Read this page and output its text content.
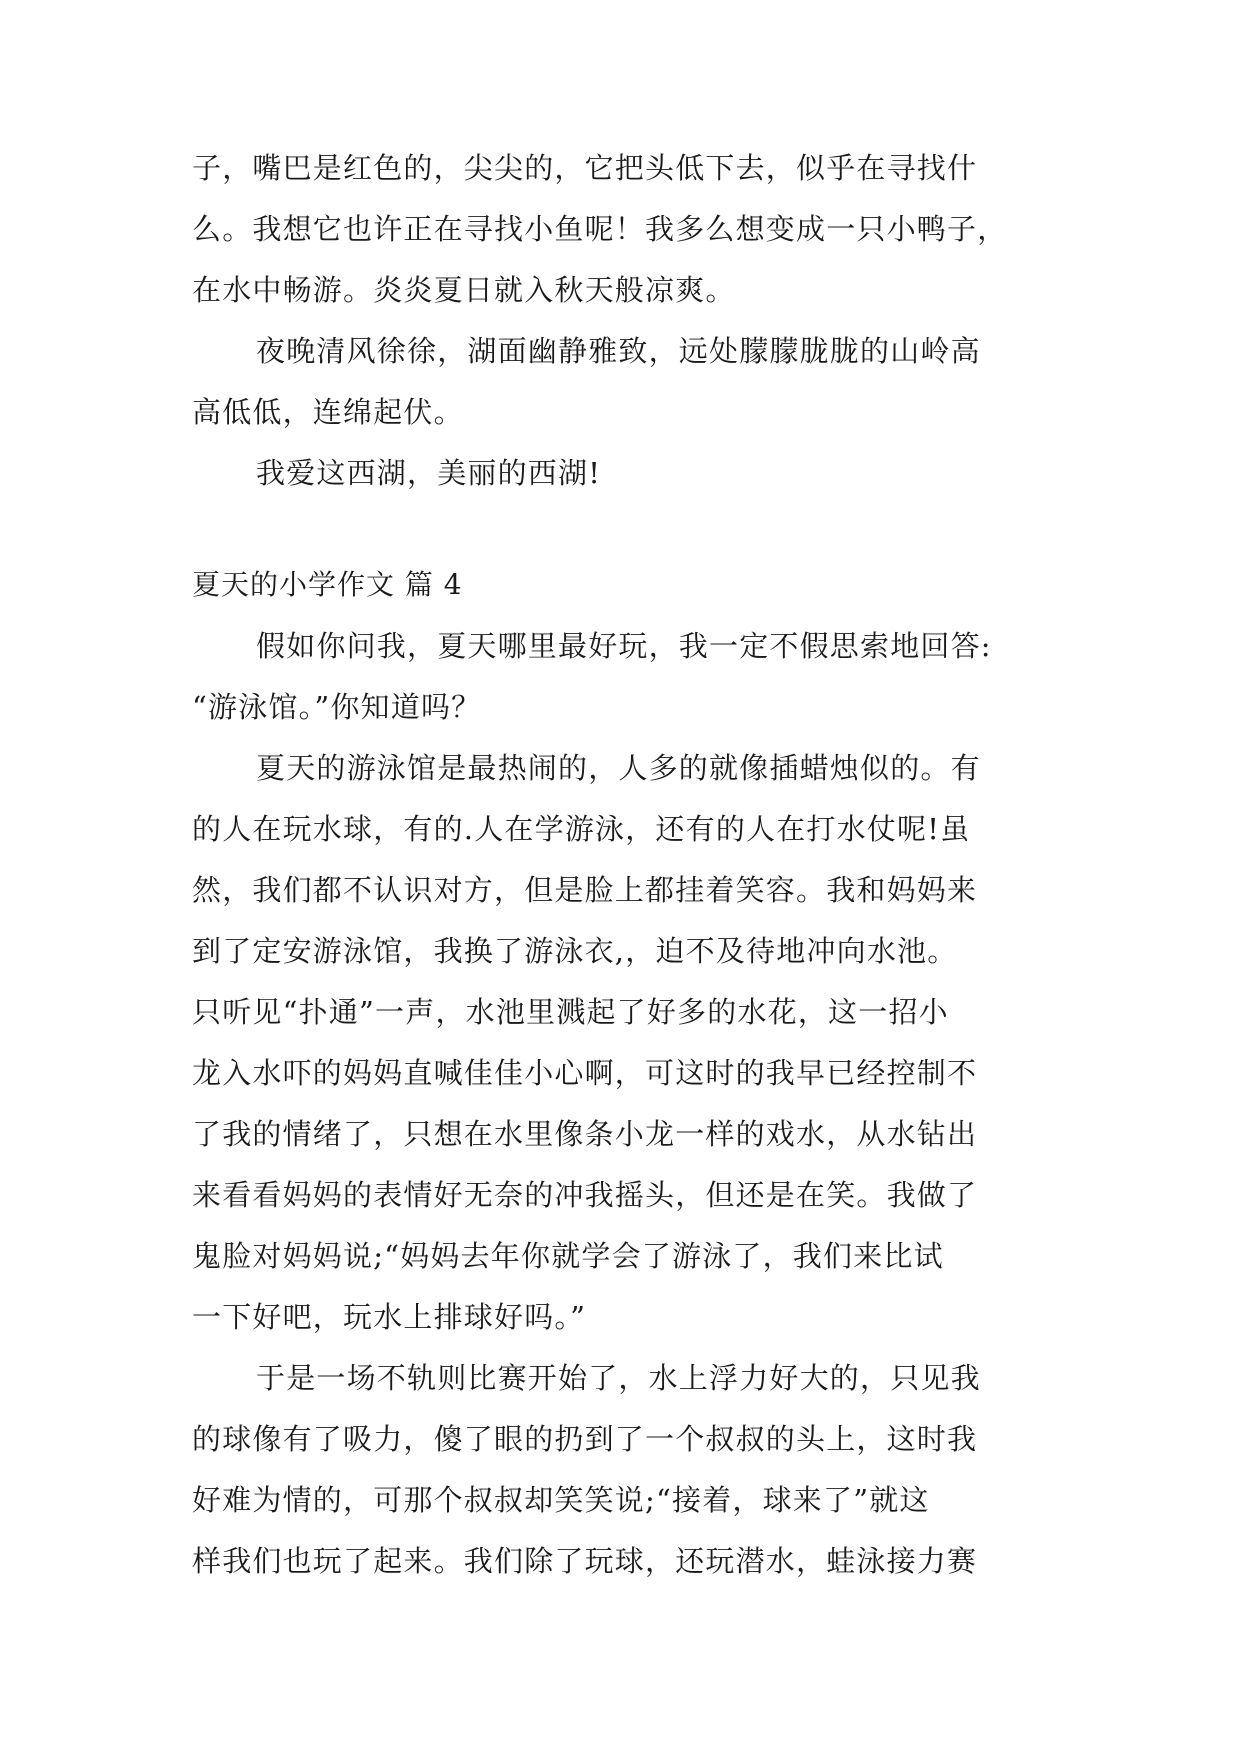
子，嘴巴是红色的，尖尖的，它把头低下去，似乎在寻找什
么。我想它也许正在寻找小鱼呢！我多么想变成一只小鸭子，
在水中畅游。炎炎夏日就入秋天般凉爽。
夜晚清风徐徐，湖面幽静雅致，远处朦朦胧胧的山岭高
高低低，连绵起伏。
我爱这西湖，美丽的西湖!
夏天的小学作文 篇 4
假如你问我，夏天哪里最好玩，我一定不假思索地回答:
“游泳馆。”你知道吗？
夏天的游泳馆是最热闹的，人多的就像插蜡烛似的。有
的人在玩水球，有的.人在学游泳，还有的人在打水仗呢!虽
然，我们都不认识对方，但是脸上都挂着笑容。我和妈妈来
到了定安游泳馆，我换了游泳衣,，迫不及待地冲向水池。
只听见“扑通”一声，水池里溅起了好多的水花，这一招小
龙入水吓的妈妈直喊佳佳小心啊，可这时的我早已经控制不
了我的情绪了，只想在水里像条小龙一样的戏水，从水钻出
来看看妈妈的表情好无奈的冲我摇头，但还是在笑。我做了
鬼脸对妈妈说;“妈妈去年你就学会了游泳了，我们来比试
一下好吧，玩水上排球好吗。”
于是一场不轨则比赛开始了，水上浮力好大的，只见我
的球像有了吸力，傻了眼的扔到了一个叔叔的头上，这时我
好难为情的，可那个叔叔却笑笑说;“接着，球来了”就这
样我们也玩了起来。我们除了玩球，还玩潜水，蛙泳接力赛
